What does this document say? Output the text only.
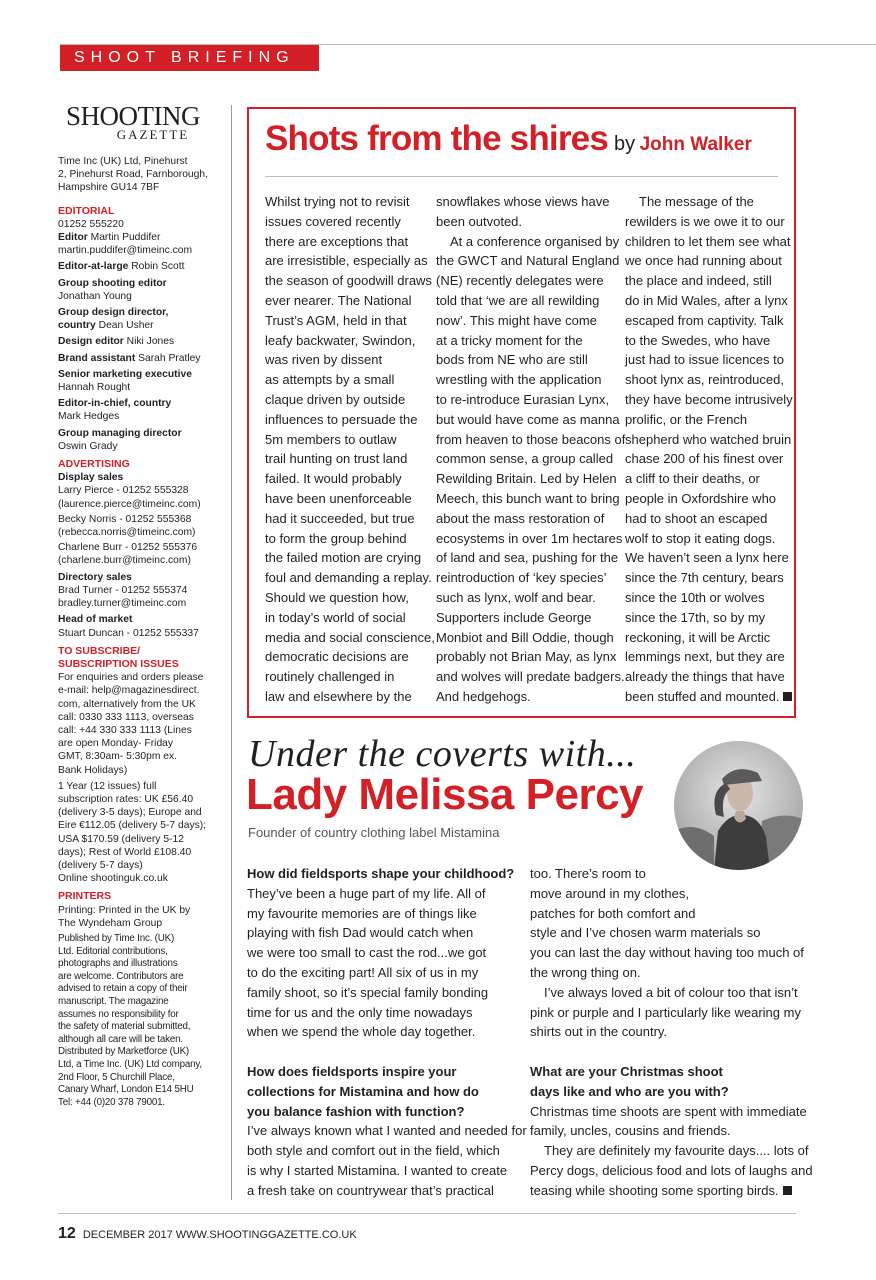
SHOOT BRIEFING
SHOOTING
GAZETTE
Time Inc (UK) Ltd, Pinehurst
2, Pinehurst Road, Farnborough,
Hampshire GU14 7BF
EDITORIAL
01252 555220
Editor Martin Puddifer
martin.puddifer@timeinc.com
Editor-at-large Robin Scott
Group shooting editor
Jonathan Young
Group design director,
country Dean Usher
Design editor Niki Jones
Brand assistant Sarah Pratley
Senior marketing executive
Hannah Rought
Editor-in-chief, country
Mark Hedges
Group managing director
Oswin Grady
ADVERTISING
Display sales
Larry Pierce - 01252 555328
(laurence.pierce@timeinc.com)
Becky Norris - 01252 555368
(rebecca.norris@timeinc.com)
Charlene Burr - 01252 555376
(charlene.burr@timeinc.com)
Directory sales
Brad Turner - 01252 555374
bradley.turner@timeinc.com
Head of market
Stuart Duncan - 01252 555337
TO SUBSCRIBE/
SUBSCRIPTION ISSUES
For enquiries and orders please
e-mail: help@magazinesdirect.
com, alternatively from the UK
call: 0330 333 1113, overseas
call: +44 330 333 1113 (Lines
are open Monday- Friday
GMT, 8:30am- 5:30pm ex.
Bank Holidays)
1 Year (12 issues) full
subscription rates: UK £56.40
(delivery 3-5 days); Europe and
Eire €112.05 (delivery 5-7 days);
USA $170.59 (delivery 5-12
days); Rest of World £108.40
(delivery 5-7 days)
Online shootinguk.co.uk
PRINTERS
Printing: Printed in the UK by
The Wyndeham Group
Published by Time Inc. (UK)
Ltd. Editorial contributions,
photographs and illustrations
are welcome. Contributors are
advised to retain a copy of their
manuscript. The magazine
assumes no responsibility for
the safety of material submitted,
although all care will be taken.
Distributed by Marketforce (UK)
Ltd, a Time Inc. (UK) Ltd company,
2nd Floor, 5 Churchill Place,
Canary Wharf, London E14 5HU
Tel: +44 (0)20 378 79001.
Shots from the shires by John Walker
Whilst trying not to revisit
issues covered recently
there are exceptions that
are irresistible, especially as
the season of goodwill draws
ever nearer. The National
Trust’s AGM, held in that
leafy backwater, Swindon,
was riven by dissent
as attempts by a small
claque driven by outside
influences to persuade the
5m members to outlaw
trail hunting on trust land
failed. It would probably
have been unenforceable
had it succeeded, but true
to form the group behind
the failed motion are crying
foul and demanding a replay.
Should we question how,
in today’s world of social
media and social conscience,
democratic decisions are
routinely challenged in
law and elsewhere by the
snowflakes whose views have
been outvoted.
At a conference organised by
the GWCT and Natural England
(NE) recently delegates were
told that ‘we are all rewilding
now’. This might have come
at a tricky moment for the
bods from NE who are still
wrestling with the application
to re-introduce Eurasian Lynx,
but would have come as manna
from heaven to those beacons of
common sense, a group called
Rewilding Britain. Led by Helen
Meech, this bunch want to bring
about the mass restoration of
ecosystems in over 1m hectares
of land and sea, pushing for the
reintroduction of ‘key species’
such as lynx, wolf and bear.
Supporters include George
Monbiot and Bill Oddie, though
probably not Brian May, as lynx
and wolves will predate badgers.
And hedgehogs.
The message of the
rewilders is we owe it to our
children to let them see what
we once had running about
the place and indeed, still
do in Mid Wales, after a lynx
escaped from captivity. Talk
to the Swedes, who have
just had to issue licences to
shoot lynx as, reintroduced,
they have become intrusively
prolific, or the French
shepherd who watched bruin
chase 200 of his finest over
a cliff to their deaths, or
people in Oxfordshire who
had to shoot an escaped
wolf to stop it eating dogs.
We haven’t seen a lynx here
since the 7th century, bears
since the 10th or wolves
since the 17th, so by my
reckoning, it will be Arctic
lemmings next, but they are
already the things that have
been stuffed and mounted.
Under the coverts with...
Lady Melissa Percy
Founder of country clothing label Mistamina
How did fieldsports shape your childhood?
They’ve been a huge part of my life. All of
my favourite memories are of things like
playing with fish Dad would catch when
we were too small to cast the rod...we got
to do the exciting part! All six of us in my
family shoot, so it’s special family bonding
time for us and the only time nowadays
when we spend the whole day together.
How does fieldsports inspire your
collections for Mistamina and how do
you balance fashion with function?
I’ve always known what I wanted and needed for
both style and comfort out in the field, which
is why I started Mistamina. I wanted to create
a fresh take on countrywear that’s practical
too. There’s room to
move around in my clothes,
patches for both comfort and
style and I’ve chosen warm materials so
you can last the day without having too much of
the wrong thing on.
I’ve always loved a bit of colour too that isn’t
pink or purple and I particularly like wearing my
shirts out in the country.
What are your Christmas shoot
days like and who are you with?
Christmas time shoots are spent with immediate
family, uncles, cousins and friends.
They are definitely my favourite days.... lots of
Percy dogs, delicious food and lots of laughs and
teasing while shooting some sporting birds.
12 DECEMBER 2017 WWW.SHOOTINGGAZETTE.CO.UK
